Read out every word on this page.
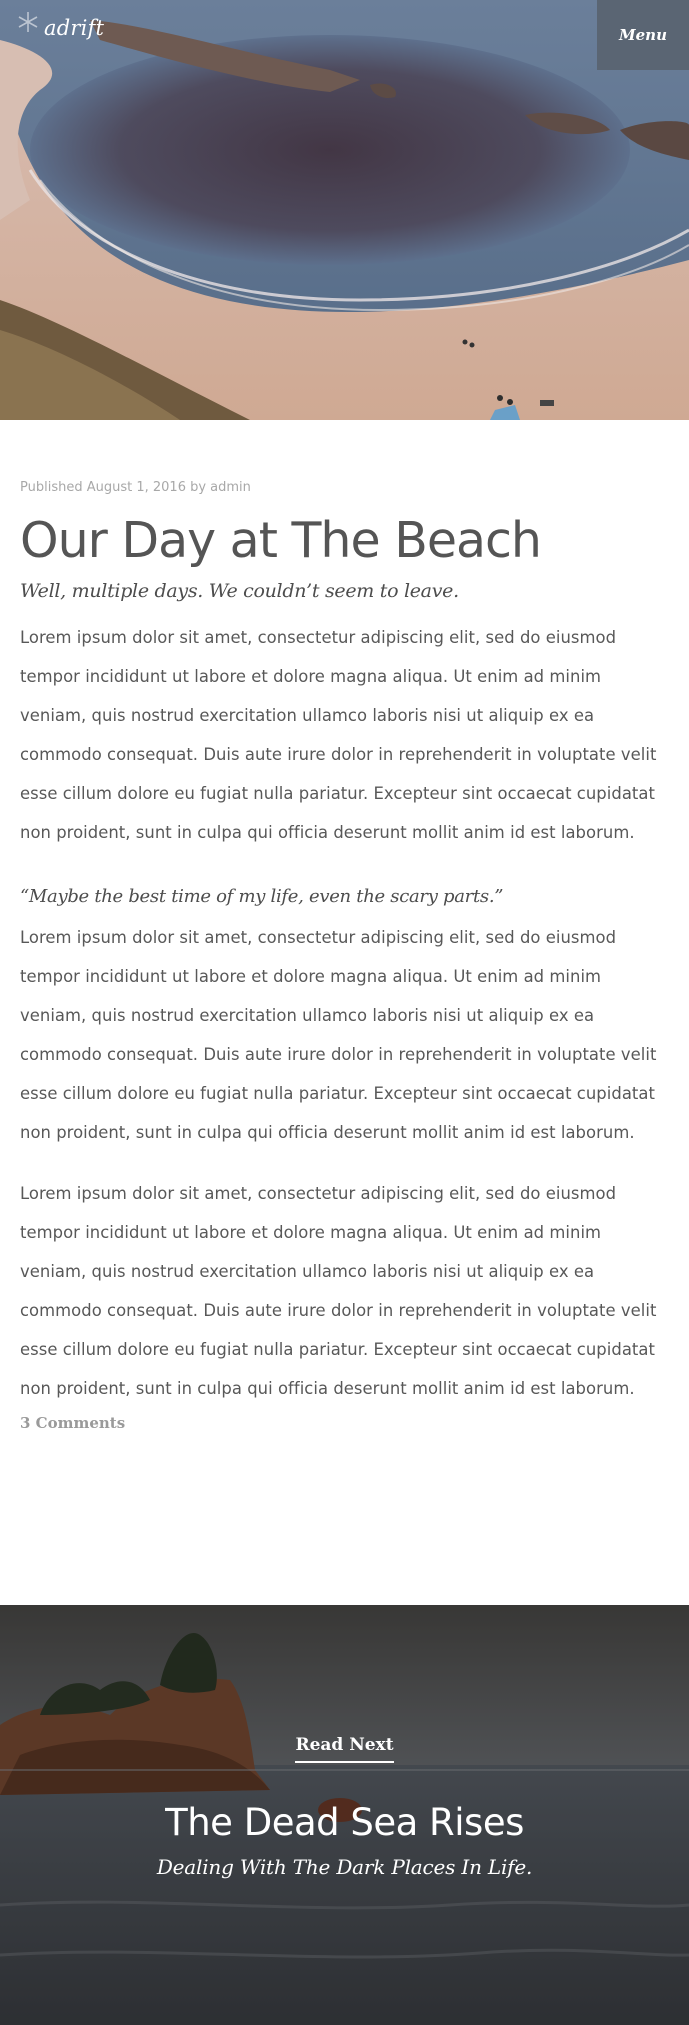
adrift	Menu
Published August 1, 2016 by admin
Our Day at The Beach

Well, multiple days. We couldn’t seem to leave.

Lorem ipsum dolor sit amet, consectetur adipiscing elit, sed do eiusmod tempor incididunt ut labore et dolore magna aliqua. Ut enim ad minim veniam, quis nostrud exercitation ullamco laboris nisi ut aliquip ex ea commodo consequat. Duis aute irure dolor in reprehenderit in voluptate velit esse cillum dolore eu fugiat nulla pariatur. Excepteur sint occaecat cupidatat non proident, sunt in culpa qui officia deserunt mollit anim id est laborum.

“Maybe the best time of my life, even the scary parts.”

Lorem ipsum dolor sit amet, consectetur adipiscing elit, sed do eiusmod tempor incididunt ut labore et dolore magna aliqua. Ut enim ad minim veniam, quis nostrud exercitation ullamco laboris nisi ut aliquip ex ea commodo consequat. Duis aute irure dolor in reprehenderit in voluptate velit esse cillum dolore eu fugiat nulla pariatur. Excepteur sint occaecat cupidatat non proident, sunt in culpa qui officia deserunt mollit anim id est laborum.

Lorem ipsum dolor sit amet, consectetur adipiscing elit, sed do eiusmod tempor incididunt ut labore et dolore magna aliqua. Ut enim ad minim veniam, quis nostrud exercitation ullamco laboris nisi ut aliquip ex ea commodo consequat. Duis aute irure dolor in reprehenderit in voluptate velit esse cillum dolore eu fugiat nulla pariatur. Excepteur sint occaecat cupidatat non proident, sunt in culpa qui officia deserunt mollit anim id est laborum.

3 Comments
Read Next
The Dead Sea Rises
Dealing With The Dark Places In Life.
